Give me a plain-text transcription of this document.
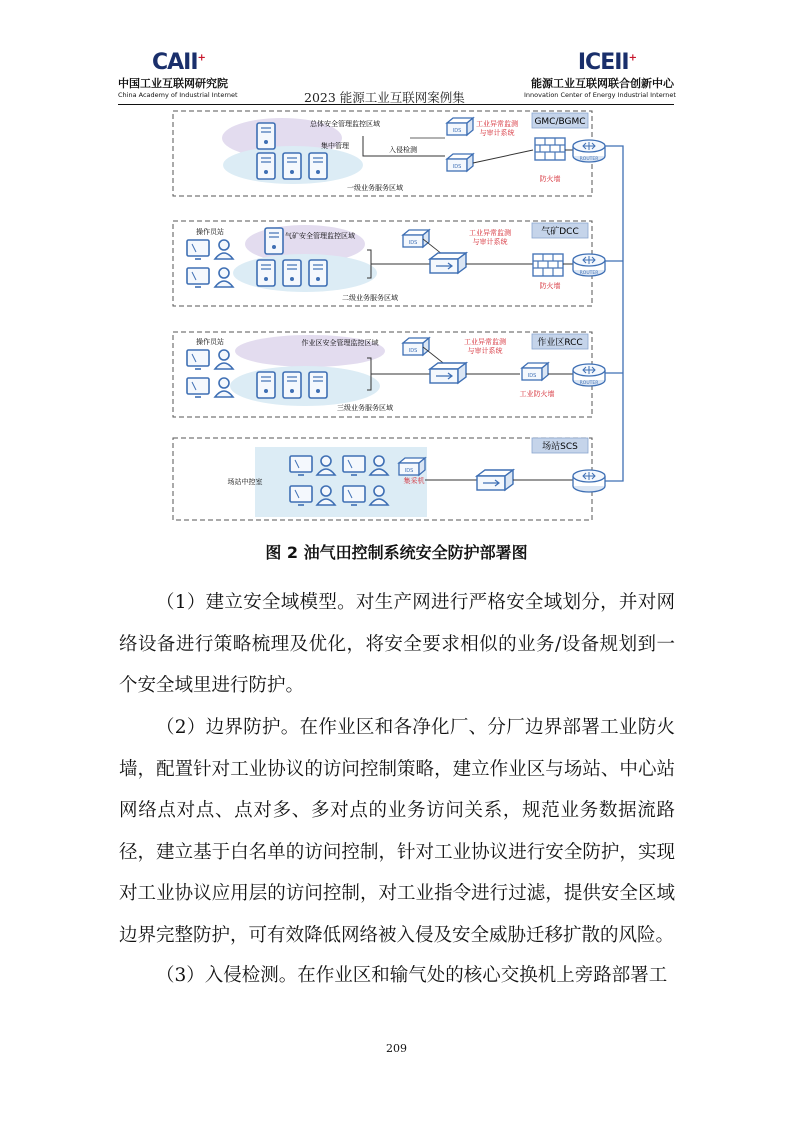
CAII+
中国工业互联网研究院
China Academy of Industrial Internet	2023 能源工业互联网案例集
ICEII+
能源工业互联网联合创新中心
Innovation Center of Energy Industrial Internet
IDS	GMC/BGMC
总体安全管理监控区域
集中管理
一级业务服务区域
入侵检测
工业异常监测
与审计系统
防火墙
ROUTER
气矿DCC
操作员站	气矿安全管理监控区域
二级业务服务区域
工业异常监测
与审计系统
防火墙
ROUTER
作业区RCC
操作员站	作业区安全管理监控区域
三级业务服务区域
工业异常监测
与审计系统
工业防火墙
ROUTER
场站SCS
场站中控室	集采机
图 2 油气田控制系统安全防护部署图

（1）建立安全域模型。对生产网进行严格安全域划分，并对网络设备进行策略梳理及优化，将安全要求相似的业务/设备规划到一个安全域里进行防护。

（2）边界防护。在作业区和各净化厂、分厂边界部署工业防火墙，配置针对工业协议的访问控制策略，建立作业区与场站、中心站网络点对点、点对多、多对点的业务访问关系，规范业务数据流路径，建立基于白名单的访问控制，针对工业协议进行安全防护，实现对工业协议应用层的访问控制，对工业指令进行过滤，提供安全区域边界完整防护，可有效降低网络被入侵及安全威胁迁移扩散的风险。

（3）入侵检测。在作业区和输气处的核心交换机上旁路部署工

209
